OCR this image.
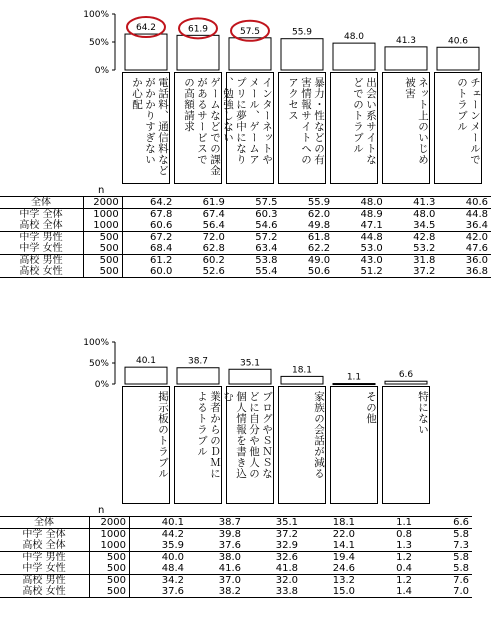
100%
50%
0%
64.2	61.9	57.5	55.9	48.0	41.3	40.6
電話料、通信料など
がかかりすぎない
か心配	ゲームなどでの課金
があるサービスで
の高額請求	インターネットや
メール、ゲームア
プリに夢中になり
、勉強しない	暴力・性などの有
害情報サイトへの
アクセス	出会い系サイトな
どでのトラブル	ネット上のいじめ
被害	チェーンメールで
のトラブル
n
全体	2000	64.2	61.9	57.5	55.9	48.0	41.3	40.6
中学 全体	1000	67.8	67.4	60.3	62.0	48.9	48.0	44.8
高校 全体	1000	60.6	56.4	54.6	49.8	47.1	34.5	36.4
中学 男性	500	67.2	72.0	57.2	61.8	44.8	42.8	42.0
中学 女性	500	68.4	62.8	63.4	62.2	53.0	53.2	47.6
高校 男性	500	61.2	60.2	53.8	49.0	43.0	31.8	36.0
高校 女性	500	60.0	52.6	55.4	50.6	51.2	37.2	36.8
100%
50%
0%
40.1	38.7	35.1
18.1
1.1	6.6
掲示板のトラブル	業者からのＤＭに
よるトラブル	ブログやＳＮＳな
どに自分や他人の
個人情報を書き込
む	家族の会話が減る	その他	特にない
n
全体	2000	40.1	38.7	35.1	18.1	1.1	6.6
中学 全体	1000	44.2	39.8	37.2	22.0	0.8	5.8
高校 全体	1000	35.9	37.6	32.9	14.1	1.3	7.3
中学 男性	500	40.0	38.0	32.6	19.4	1.2	5.8
中学 女性	500	48.4	41.6	41.8	24.6	0.4	5.8
高校 男性	500	34.2	37.0	32.0	13.2	1.2	7.6
高校 女性	500	37.6	38.2	33.8	15.0	1.4	7.0
